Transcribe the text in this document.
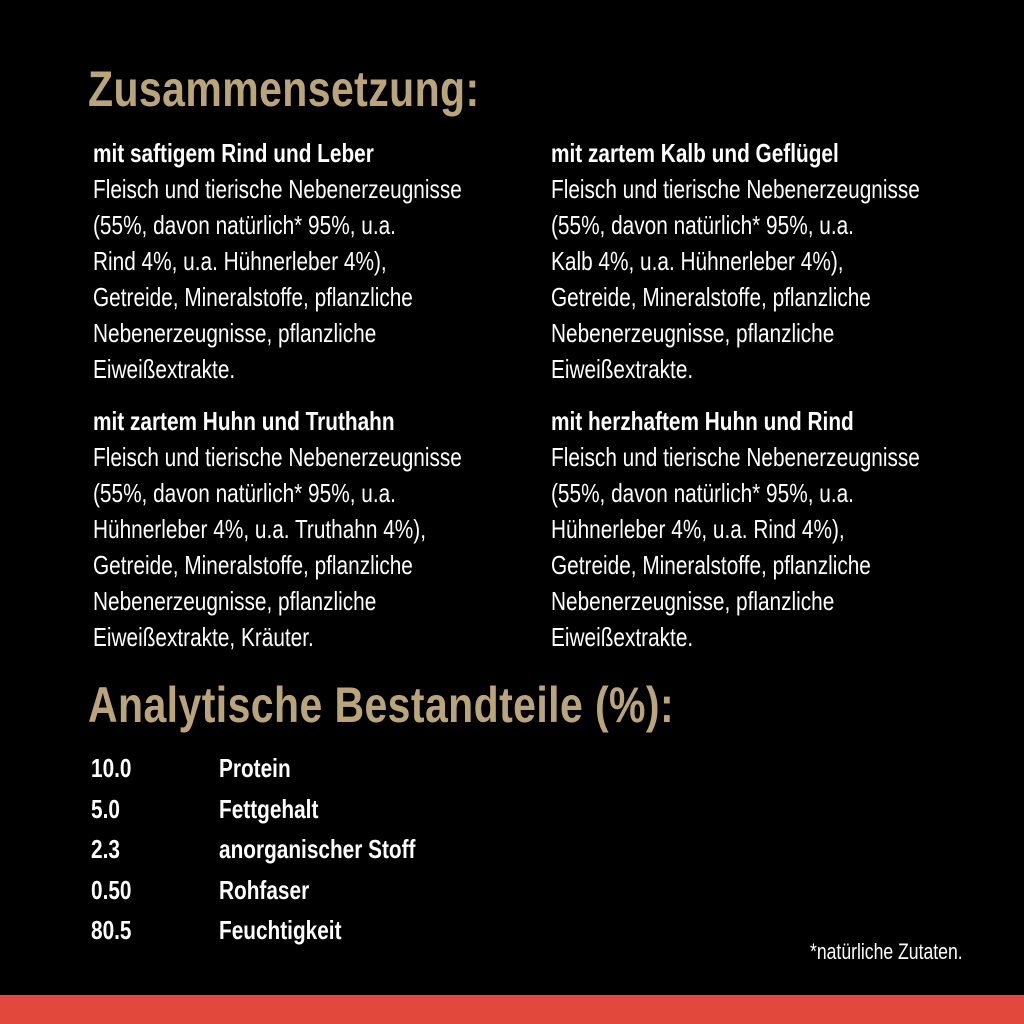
Zusammensetzung:
mit saftigem Rind und Leber
Fleisch und tierische Nebenerzeugnisse
(55%, davon natürlich* 95%, u.a.
Rind 4%, u.a. Hühnerleber 4%),
Getreide, Mineralstoffe, pflanzliche
Nebenerzeugnisse, pflanzliche
Eiweißextrakte.
mit zartem Kalb und Geflügel
Fleisch und tierische Nebenerzeugnisse
(55%, davon natürlich* 95%, u.a.
Kalb 4%, u.a. Hühnerleber 4%),
Getreide, Mineralstoffe, pflanzliche
Nebenerzeugnisse, pflanzliche
Eiweißextrakte.
mit zartem Huhn und Truthahn
Fleisch und tierische Nebenerzeugnisse
(55%, davon natürlich* 95%, u.a.
Hühnerleber 4%, u.a. Truthahn 4%),
Getreide, Mineralstoffe, pflanzliche
Nebenerzeugnisse, pflanzliche
Eiweißextrakte, Kräuter.
mit herzhaftem Huhn und Rind
Fleisch und tierische Nebenerzeugnisse
(55%, davon natürlich* 95%, u.a.
Hühnerleber 4%, u.a. Rind 4%),
Getreide, Mineralstoffe, pflanzliche
Nebenerzeugnisse, pflanzliche
Eiweißextrakte.
Analytische Bestandteile (%):
10.0	Protein
5.0	Fettgehalt
2.3	anorganischer Stoff
0.50	Rohfaser
80.5	Feuchtigkeit
*natürliche Zutaten.
